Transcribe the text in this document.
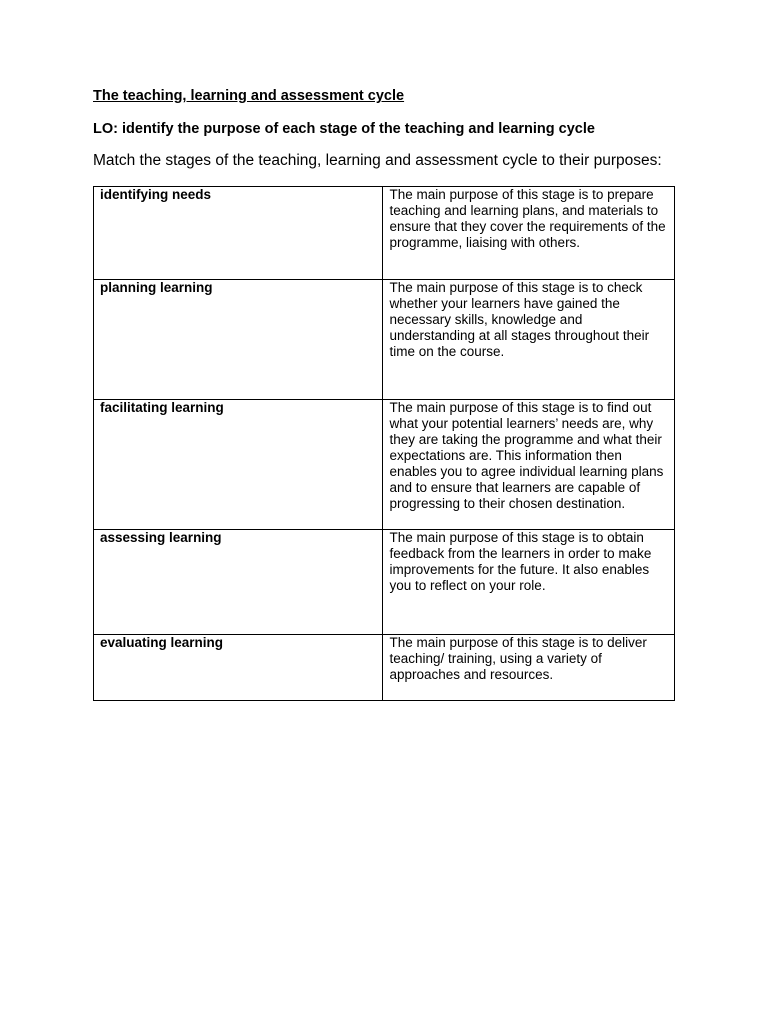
The teaching, learning and assessment cycle

LO: identify the purpose of each stage of the teaching and learning cycle

Match the stages of the teaching, learning and assessment cycle to their purposes:

identifying needs	The main purpose of this stage is to prepare teaching and learning plans, and materials to ensure that they cover the requirements of the programme, liaising with others.
planning learning	The main purpose of this stage is to check whether your learners have gained the necessary skills, knowledge and understanding at all stages throughout their time on the course.
facilitating learning	The main purpose of this stage is to find out what your potential learners’ needs are, why they are taking the programme and what their expectations are. This information then enables you to agree individual learning plans and to ensure that learners are capable of progressing to their chosen destination.
assessing learning	The main purpose of this stage is to obtain feedback from the learners in order to make improvements for the future. It also enables you to reflect on your role.
evaluating learning	The main purpose of this stage is to deliver teaching/ training, using a variety of approaches and resources.
